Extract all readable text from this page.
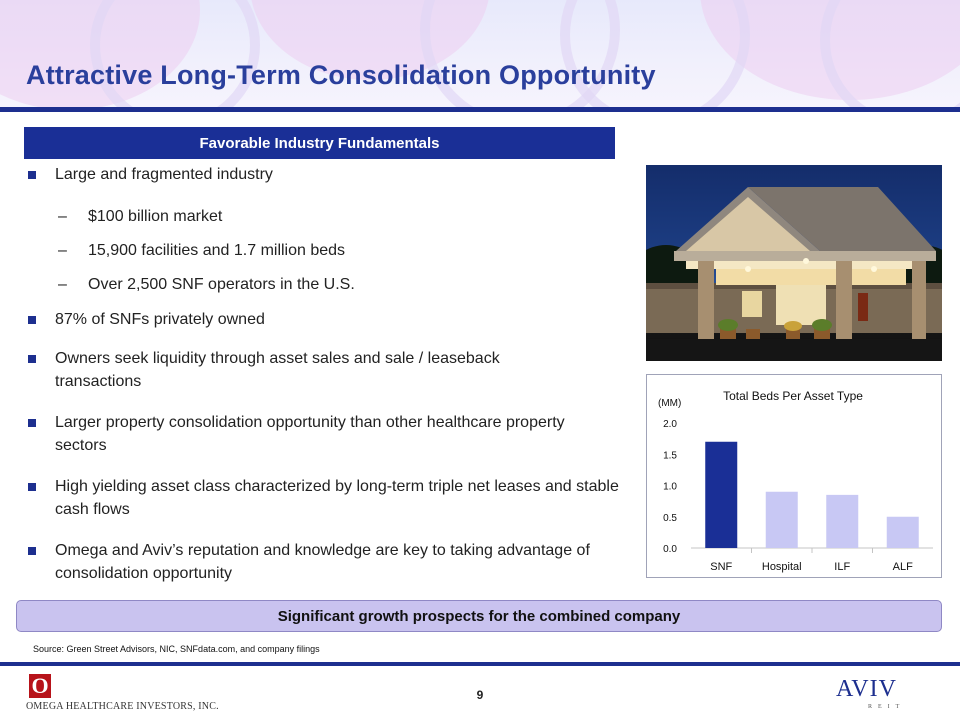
Attractive Long-Term Consolidation Opportunity
Favorable Industry Fundamentals
Large and fragmented industry
– $100 billion market
– 15,900 facilities and 1.7 million beds
– Over 2,500 SNF operators in the U.S.
87% of SNFs privately owned
Owners seek liquidity through asset sales and sale / leaseback transactions
Larger property consolidation opportunity than other healthcare property sectors
High yielding asset class characterized by long-term triple net leases and stable cash flows
Omega and Aviv’s reputation and knowledge are key to taking advantage of consolidation opportunity
Total Beds Per Asset Type
(MM)
0.0
0.5
1.0
1.5
2.0
SNF	Hospital	ILF	ALF
Significant growth prospects for the combined company
Source: Green Street Advisors, NIC, SNFdata.com, and company filings
O
OMEGA HEALTHCARE INVESTORS, INC.
9	AVIV
REIT
